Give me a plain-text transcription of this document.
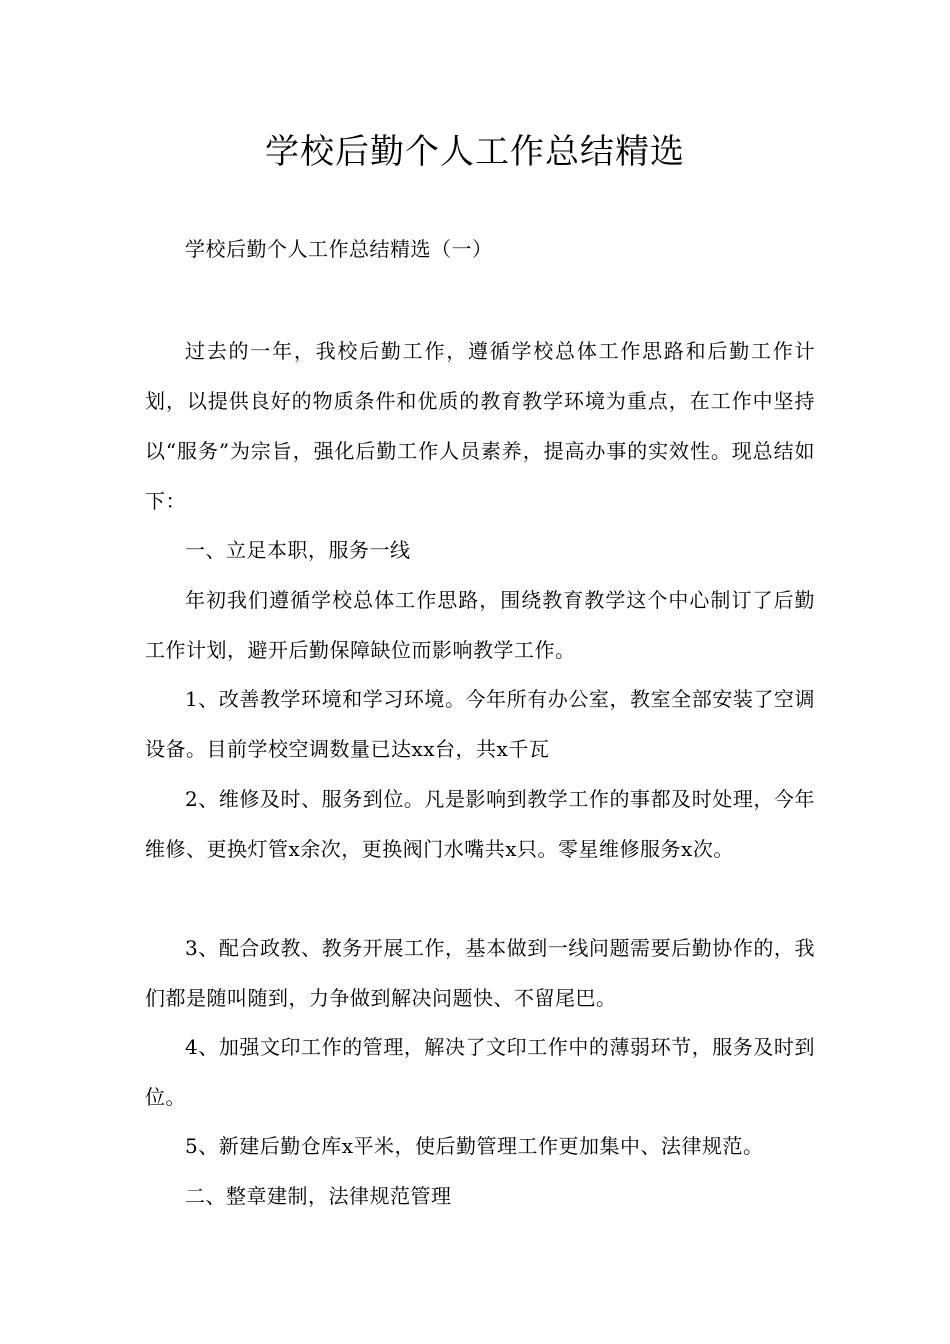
学校后勤个人工作总结精选

学校后勤个人工作总结精选（一）

过去的一年，我校后勤工作，遵循学校总体工作思路和后勤工作计划，以提供良好的物质条件和优质的教育教学环境为重点，在工作中坚持以“服务”为宗旨，强化后勤工作人员素养，提高办事的实效性。现总结如下：

一、立足本职，服务一线

年初我们遵循学校总体工作思路，围绕教育教学这个中心制订了后勤工作计划，避开后勤保障缺位而影响教学工作。

1、改善教学环境和学习环境。今年所有办公室，教室全部安装了空调设备。目前学校空调数量已达xx台，共x千瓦

2、维修及时、服务到位。凡是影响到教学工作的事都及时处理，今年维修、更换灯管x余次，更换阀门水嘴共x只。零星维修服务x次。

3、配合政教、教务开展工作，基本做到一线问题需要后勤协作的，我们都是随叫随到，力争做到解决问题快、不留尾巴。

4、加强文印工作的管理，解决了文印工作中的薄弱环节，服务及时到位。

5、新建后勤仓库x平米，使后勤管理工作更加集中、法律规范。

二、整章建制，法律规范管理
